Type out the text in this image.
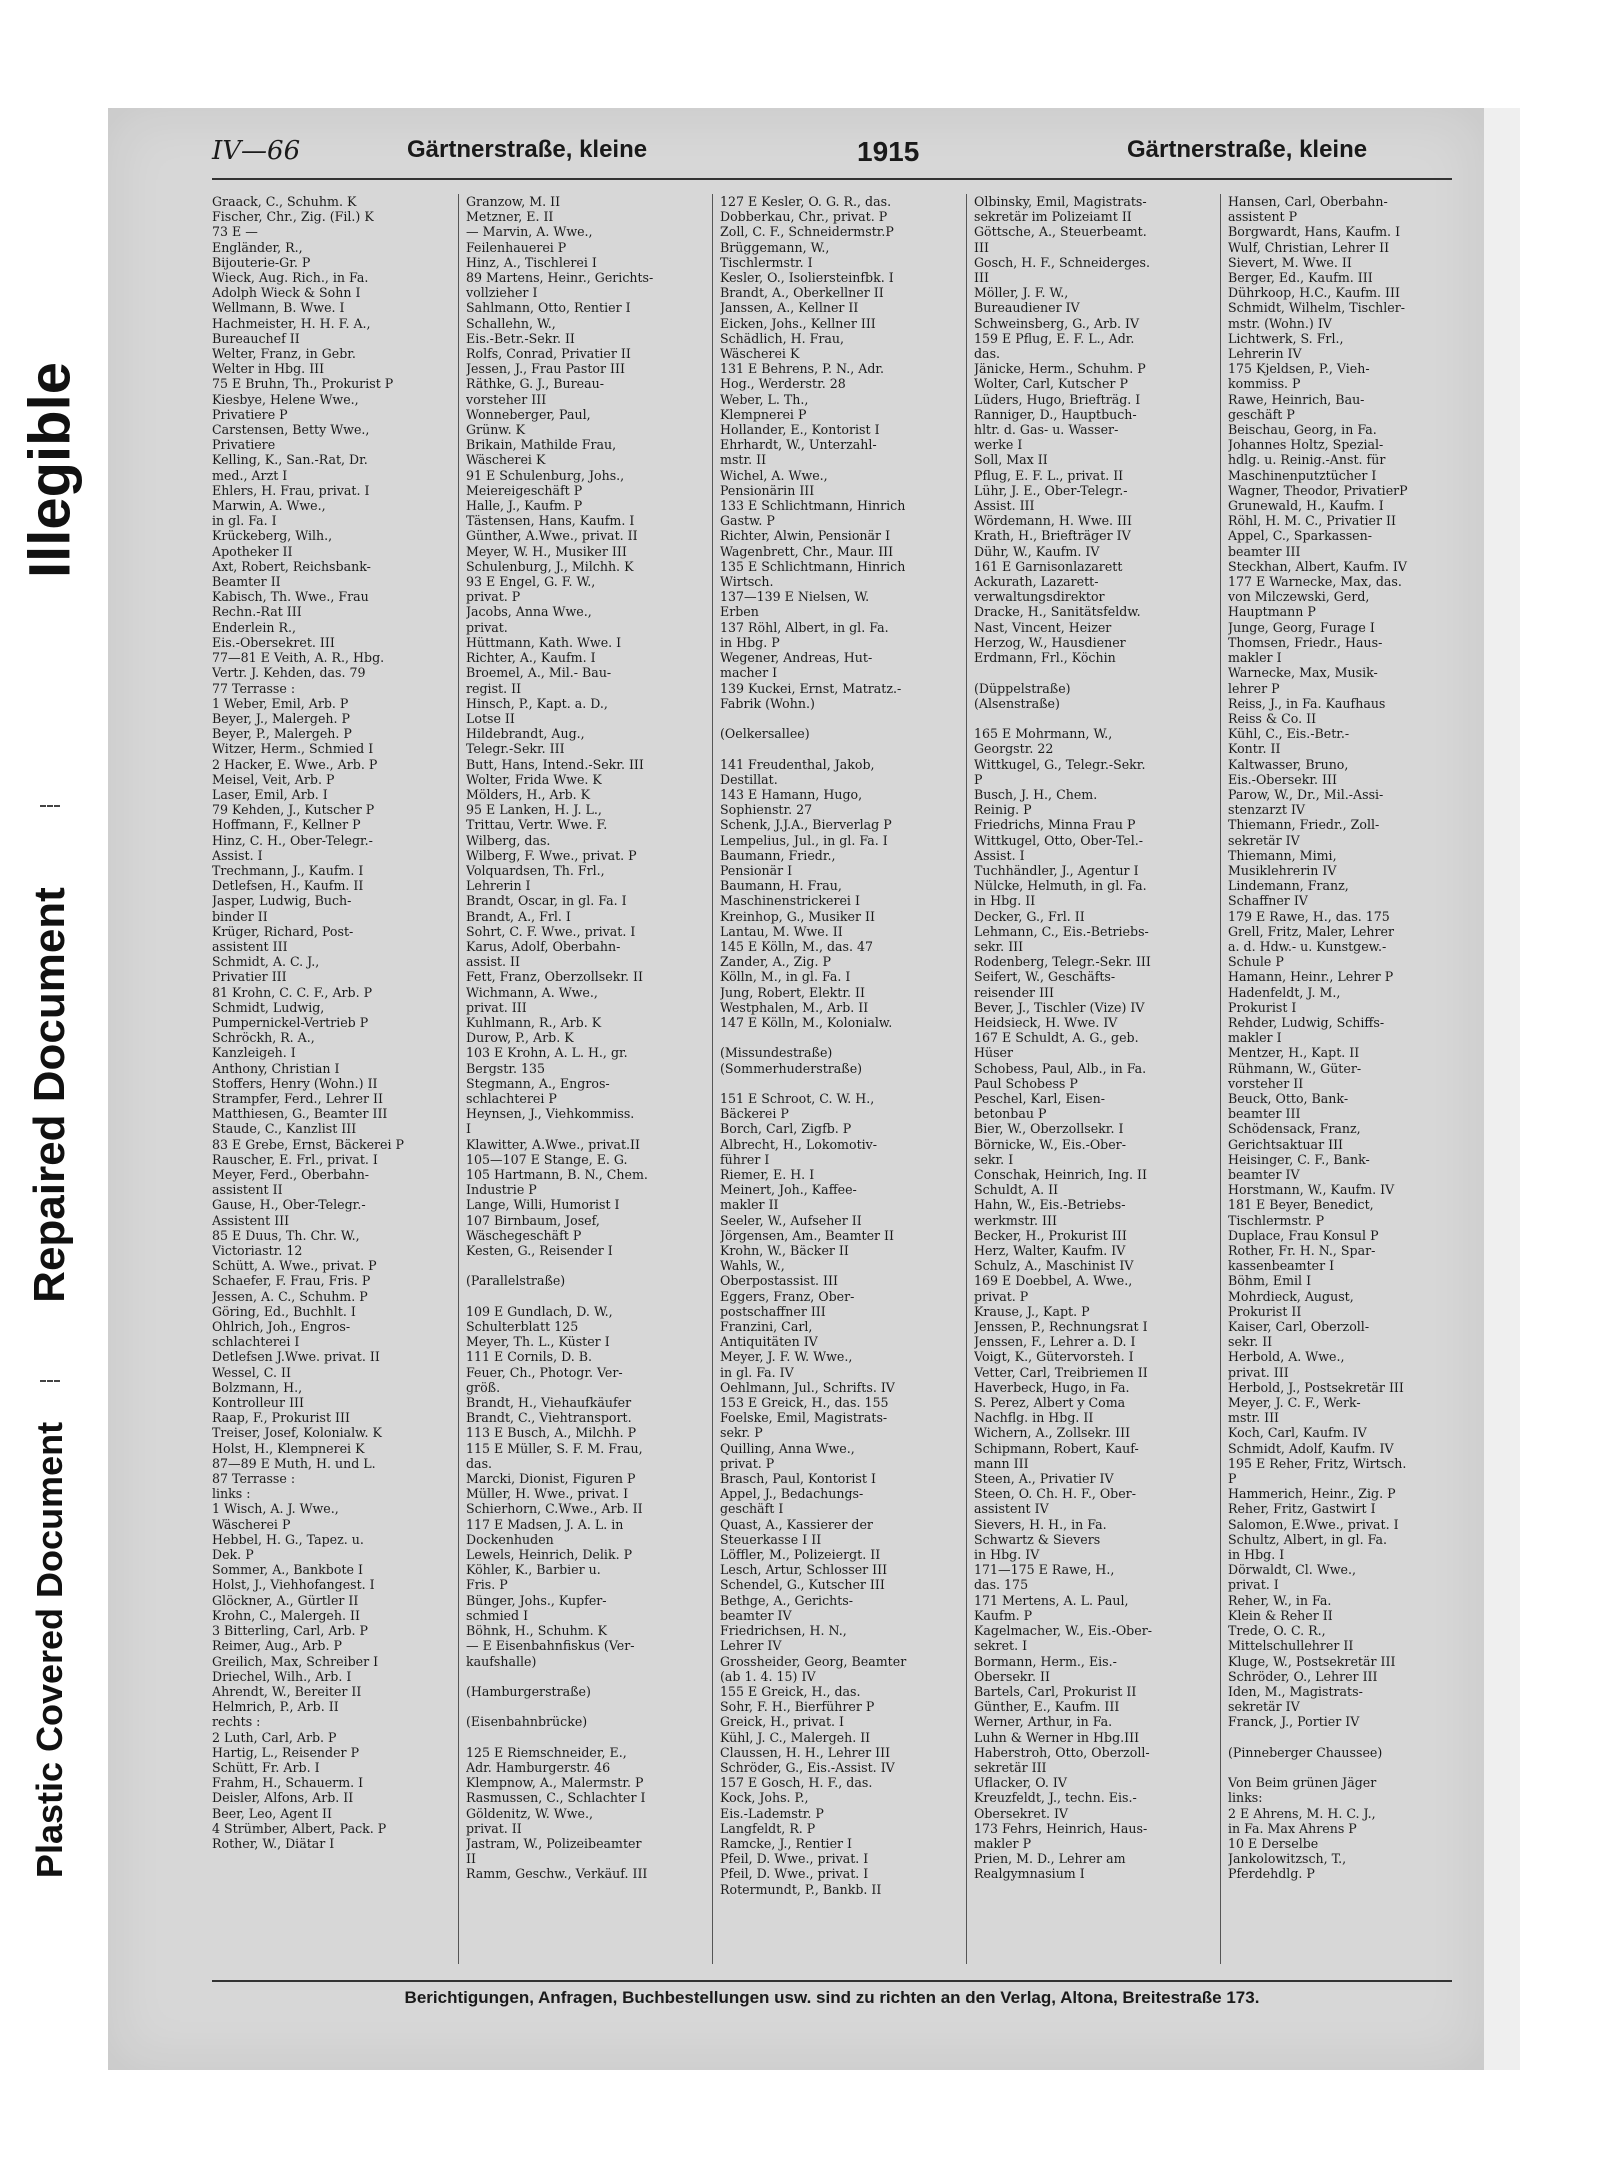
Illegible
Repaired Document
Plastic Covered Document
IV—66	Gärtnerstraße, kleine	1915	Gärtnerstraße, kleine
Graack, C., Schuhm. K
Fischer, Chr., Zig. (Fil.) K
73 E —
Engländer, R.,
Bijouterie-Gr. P
Wieck, Aug. Rich., in Fa.
Adolph Wieck & Sohn I
Wellmann, B. Wwe. I
Hachmeister, H. H. F. A.,
Bureauchef II
Welter, Franz, in Gebr.
Welter in Hbg. III
75 E Bruhn, Th., Prokurist P
Kiesbye, Helene Wwe.,
Privatiere P
Carstensen, Betty Wwe.,
Privatiere
Kelling, K., San.-Rat, Dr.
med., Arzt I
Ehlers, H. Frau, privat. I
Marwin, A. Wwe.,
in gl. Fa. I
Krückeberg, Wilh.,
Apotheker II
Axt, Robert, Reichsbank-
Beamter II
Kabisch, Th. Wwe., Frau
Rechn.-Rat III
Enderlein R.,
Eis.-Obersekret. III
77—81 E Veith, A. R., Hbg.
Vertr. J. Kehden, das. 79
77 Terrasse :
1 Weber, Emil, Arb. P
Beyer, J., Malergeh. P
Beyer, P., Malergeh. P
Witzer, Herm., Schmied I
2 Hacker, E. Wwe., Arb. P
Meisel, Veit, Arb. P
Laser, Emil, Arb. I
79 Kehden, J., Kutscher P
Hoffmann, F., Kellner P
Hinz, C. H., Ober-Telegr.-
Assist. I
Trechmann, J., Kaufm. I
Detlefsen, H., Kaufm. II
Jasper, Ludwig, Buch-
binder II
Krüger, Richard, Post-
assistent III
Schmidt, A. C. J.,
Privatier III
81 Krohn, C. C. F., Arb. P
Schmidt, Ludwig,
Pumpernickel-Vertrieb P
Schröckh, R. A.,
Kanzleigeh. I
Anthony, Christian I
Stoffers, Henry (Wohn.) II
Strampfer, Ferd., Lehrer II
Matthiesen, G., Beamter III
Staude, C., Kanzlist III
83 E Grebe, Ernst, Bäckerei P
Rauscher, E. Frl., privat. I
Meyer, Ferd., Oberbahn-
assistent II
Gause, H., Ober-Telegr.-
Assistent III
85 E Duus, Th. Chr. W.,
Victoriastr. 12
Schütt, A. Wwe., privat. P
Schaefer, F. Frau, Fris. P
Jessen, A. C., Schuhm. P
Göring, Ed., Buchhlt. I
Ohlrich, Joh., Engros-
schlachterei I
Detlefsen J.Wwe. privat. II
Wessel, C. II
Bolzmann, H.,
Kontrolleur III
Raap, F., Prokurist III
Treiser, Josef, Kolonialw. K
Holst, H., Klempnerei K
87—89 E Muth, H. und L.
87 Terrasse :
links :
1 Wisch, A. J. Wwe.,
Wäscherei P
Hebbel, H. G., Tapez. u.
Dek. P
Sommer, A., Bankbote I
Holst, J., Viehhofangest. I
Glöckner, A., Gürtler II
Krohn, C., Malergeh. II
3 Bitterling, Carl, Arb. P
Reimer, Aug., Arb. P
Greilich, Max, Schreiber I
Driechel, Wilh., Arb. I
Ahrendt, W., Bereiter II
Helmrich, P., Arb. II
rechts :
2 Luth, Carl, Arb. P
Hartig, L., Reisender P
Schütt, Fr. Arb. I
Frahm, H., Schauerm. I
Deisler, Alfons, Arb. II
Beer, Leo, Agent II
4 Strümber, Albert, Pack. P
Rother, W., Diätar I
Granzow, M. II
Metzner, E. II
— Marvin, A. Wwe.,
Feilenhauerei P
Hinz, A., Tischlerei I
89 Martens, Heinr., Gerichts-
vollzieher I
Sahlmann, Otto, Rentier I
Schallehn, W.,
Eis.-Betr.-Sekr. II
Rolfs, Conrad, Privatier II
Jessen, J., Frau Pastor III
Räthke, G. J., Bureau-
vorsteher III
Wonneberger, Paul,
Grünw. K
Brikain, Mathilde Frau,
Wäscherei K
91 E Schulenburg, Johs.,
Meiereigeschäft P
Halle, J., Kaufm. P
Tästensen, Hans, Kaufm. I
Günther, A.Wwe., privat. II
Meyer, W. H., Musiker III
Schulenburg, J., Milchh. K
93 E Engel, G. F. W.,
privat. P
Jacobs, Anna Wwe.,
privat.
Hüttmann, Kath. Wwe. I
Richter, A., Kaufm. I
Broemel, A., Mil.- Bau-
regist. II
Hinsch, P., Kapt. a. D.,
Lotse II
Hildebrandt, Aug.,
Telegr.-Sekr. III
Butt, Hans, Intend.-Sekr. III
Wolter, Frida Wwe. K
Mölders, H., Arb. K
95 E Lanken, H. J. L.,
Trittau, Vertr. Wwe. F.
Wilberg, das.
Wilberg, F. Wwe., privat. P
Volquardsen, Th. Frl.,
Lehrerin I
Brandt, Oscar, in gl. Fa. I
Brandt, A., Frl. I
Sohrt, C. F. Wwe., privat. I
Karus, Adolf, Oberbahn-
assist. II
Fett, Franz, Oberzollsekr. II
Wichmann, A. Wwe.,
privat. III
Kuhlmann, R., Arb. K
Durow, P., Arb. K
103 E Krohn, A. L. H., gr.
Bergstr. 135
Stegmann, A., Engros-
schlachterei P
Heynsen, J., Viehkommiss.
I
Klawitter, A.Wwe., privat.II
105—107 E Stange, E. G.
105 Hartmann, B. N., Chem.
Industrie P
Lange, Willi, Humorist I
107 Birnbaum, Josef,
Wäschegeschäft P
Kesten, G., Reisender I

(Parallelstraße)

109 E Gundlach, D. W.,
Schulterblatt 125
Meyer, Th. L., Küster I
111 E Cornils, D. B.
Feuer, Ch., Photogr. Ver-
größ.
Brandt, H., Viehaufkäufer
Brandt, C., Viehtransport.
113 E Busch, A., Milchh. P
115 E Müller, S. F. M. Frau,
das.
Marcki, Dionist, Figuren P
Müller, H. Wwe., privat. I
Schierhorn, C.Wwe., Arb. II
117 E Madsen, J. A. L. in
Dockenhuden
Lewels, Heinrich, Delik. P
Köhler, K., Barbier u.
Fris. P
Bünger, Johs., Kupfer-
schmied I
Böhnk, H., Schuhm. K
— E Eisenbahnfiskus (Ver-
kaufshalle)

(Hamburgerstraße)

(Eisenbahnbrücke)

125 E Riemschneider, E.,
Adr. Hamburgerstr. 46
Klempnow, A., Malermstr. P
Rasmussen, C., Schlachter I
Göldenitz, W. Wwe.,
privat. II
Jastram, W., Polizeibeamter
II
Ramm, Geschw., Verkäuf. III
127 E Kesler, O. G. R., das.
Dobberkau, Chr., privat. P
Zoll, C. F., Schneidermstr.P
Brüggemann, W.,
Tischlermstr. I
Kesler, O., Isoliersteinfbk. I
Brandt, A., Oberkellner II
Janssen, A., Kellner II
Eicken, Johs., Kellner III
Schädlich, H. Frau,
Wäscherei K
131 E Behrens, P. N., Adr.
Hog., Werderstr. 28
Weber, L. Th.,
Klempnerei P
Hollander, E., Kontorist I
Ehrhardt, W., Unterzahl-
mstr. II
Wichel, A. Wwe.,
Pensionärin III
133 E Schlichtmann, Hinrich
Gastw. P
Richter, Alwin, Pensionär I
Wagenbrett, Chr., Maur. III
135 E Schlichtmann, Hinrich
Wirtsch.
137—139 E Nielsen, W.
Erben
137 Röhl, Albert, in gl. Fa.
in Hbg. P
Wegener, Andreas, Hut-
macher I
139 Kuckei, Ernst, Matratz.-
Fabrik (Wohn.)

(Oelkersallee)

141 Freudenthal, Jakob,
Destillat.
143 E Hamann, Hugo,
Sophienstr. 27
Schenk, J.J.A., Bierverlag P
Lempelius, Jul., in gl. Fa. I
Baumann, Friedr.,
Pensionär I
Baumann, H. Frau,
Maschinenstrickerei I
Kreinhop, G., Musiker II
Lantau, M. Wwe. II
145 E Kölln, M., das. 47
Zander, A., Zig. P
Kölln, M., in gl. Fa. I
Jung, Robert, Elektr. II
Westphalen, M., Arb. II
147 E Kölln, M., Kolonialw.

(Missundestraße)
(Sommerhuderstraße)

151 E Schroot, C. W. H.,
Bäckerei P
Borch, Carl, Zigfb. P
Albrecht, H., Lokomotiv-
führer I
Riemer, E. H. I
Meinert, Joh., Kaffee-
makler II
Seeler, W., Aufseher II
Jörgensen, Am., Beamter II
Krohn, W., Bäcker II
Wahls, W.,
Oberpostassist. III
Eggers, Franz, Ober-
postschaffner III
Franzini, Carl,
Antiquitäten IV
Meyer, J. F. W. Wwe.,
in gl. Fa. IV
Oehlmann, Jul., Schrifts. IV
153 E Greick, H., das. 155
Foelske, Emil, Magistrats-
sekr. P
Quilling, Anna Wwe.,
privat. P
Brasch, Paul, Kontorist I
Appel, J., Bedachungs-
geschäft I
Quast, A., Kassierer der
Steuerkasse I II
Löffler, M., Polizeiergt. II
Lesch, Artur, Schlosser III
Schendel, G., Kutscher III
Bethge, A., Gerichts-
beamter IV
Friedrichsen, H. N.,
Lehrer IV
Grossheider, Georg, Beamter
(ab 1. 4. 15) IV
155 E Greick, H., das.
Sohr, F. H., Bierführer P
Greick, H., privat. I
Kühl, J. C., Malergeh. II
Claussen, H. H., Lehrer III
Schröder, G., Eis.-Assist. IV
157 E Gosch, H. F., das.
Kock, Johs. P.,
Eis.-Lademstr. P
Langfeldt, R. P
Ramcke, J., Rentier I
Pfeil, D. Wwe., privat. I
Pfeil, D. Wwe., privat. I
Rotermundt, P., Bankb. II
Olbinsky, Emil, Magistrats-
sekretär im Polizeiamt II
Göttsche, A., Steuerbeamt.
III
Gosch, H. F., Schneiderges.
III
Möller, J. F. W.,
Bureaudiener IV
Schweinsberg, G., Arb. IV
159 E Pflug, E. F. L., Adr.
das.
Jänicke, Herm., Schuhm. P
Wolter, Carl, Kutscher P
Lüders, Hugo, Briefträg. I
Ranniger, D., Hauptbuch-
hltr. d. Gas- u. Wasser-
werke I
Soll, Max II
Pflug, E. F. L., privat. II
Lühr, J. E., Ober-Telegr.-
Assist. III
Wördemann, H. Wwe. III
Krath, H., Briefträger IV
Dühr, W., Kaufm. IV
161 E Garnisonlazarett
Ackurath, Lazarett-
verwaltungsdirektor
Dracke, H., Sanitätsfeldw.
Nast, Vincent, Heizer
Herzog, W., Hausdiener
Erdmann, Frl., Köchin

(Düppelstraße)
(Alsenstraße)

165 E Mohrmann, W.,
Georgstr. 22
Wittkugel, G., Telegr.-Sekr.
P
Busch, J. H., Chem.
Reinig. P
Friedrichs, Minna Frau P
Wittkugel, Otto, Ober-Tel.-
Assist. I
Tuchhändler, J., Agentur I
Nülcke, Helmuth, in gl. Fa.
in Hbg. II
Decker, G., Frl. II
Lehmann, C., Eis.-Betriebs-
sekr. III
Rodenberg, Telegr.-Sekr. III
Seifert, W., Geschäfts-
reisender III
Bever, J., Tischler (Vize) IV
Heidsieck, H. Wwe. IV
167 E Schuldt, A. G., geb.
Hüser
Schobess, Paul, Alb., in Fa.
Paul Schobess P
Peschel, Karl, Eisen-
betonbau P
Bier, W., Oberzollsekr. I
Börnicke, W., Eis.-Ober-
sekr. I
Conschak, Heinrich, Ing. II
Schuldt, A. II
Hahn, W., Eis.-Betriebs-
werkmstr. III
Becker, H., Prokurist III
Herz, Walter, Kaufm. IV
Schulz, A., Maschinist IV
169 E Doebbel, A. Wwe.,
privat. P
Krause, J., Kapt. P
Jenssen, P., Rechnungsrat I
Jenssen, F., Lehrer a. D. I
Voigt, K., Gütervorsteh. I
Vetter, Carl, Treibriemen II
Haverbeck, Hugo, in Fa.
S. Perez, Albert y Coma
Nachflg. in Hbg. II
Wichern, A., Zollsekr. III
Schipmann, Robert, Kauf-
mann III
Steen, A., Privatier IV
Steen, O. Ch. H. F., Ober-
assistent IV
Sievers, H. H., in Fa.
Schwartz & Sievers
in Hbg. IV
171—175 E Rawe, H.,
das. 175
171 Mertens, A. L. Paul,
Kaufm. P
Kagelmacher, W., Eis.-Ober-
sekret. I
Bormann, Herm., Eis.-
Obersekr. II
Bartels, Carl, Prokurist II
Günther, E., Kaufm. III
Werner, Arthur, in Fa.
Luhn & Werner in Hbg.III
Haberstroh, Otto, Oberzoll-
sekretär III
Uflacker, O. IV
Kreuzfeldt, J., techn. Eis.-
Obersekret. IV
173 Fehrs, Heinrich, Haus-
makler P
Prien, M. D., Lehrer am
Realgymnasium I
Hansen, Carl, Oberbahn-
assistent P
Borgwardt, Hans, Kaufm. I
Wulf, Christian, Lehrer II
Sievert, M. Wwe. II
Berger, Ed., Kaufm. III
Dührkoop, H.C., Kaufm. III
Schmidt, Wilhelm, Tischler-
mstr. (Wohn.) IV
Lichtwerk, S. Frl.,
Lehrerin IV
175 Kjeldsen, P., Vieh-
kommiss. P
Rawe, Heinrich, Bau-
geschäft P
Beischau, Georg, in Fa.
Johannes Holtz, Spezial-
hdlg. u. Reinig.-Anst. für
Maschinenputztücher I
Wagner, Theodor, PrivatierP
Grunewald, H., Kaufm. I
Röhl, H. M. C., Privatier II
Appel, C., Sparkassen-
beamter III
Steckhan, Albert, Kaufm. IV
177 E Warnecke, Max, das.
von Milczewski, Gerd,
Hauptmann P
Junge, Georg, Furage I
Thomsen, Friedr., Haus-
makler I
Warnecke, Max, Musik-
lehrer P
Reiss, J., in Fa. Kaufhaus
Reiss & Co. II
Kühl, C., Eis.-Betr.-
Kontr. II
Kaltwasser, Bruno,
Eis.-Obersekr. III
Parow, W., Dr., Mil.-Assi-
stenzarzt IV
Thiemann, Friedr., Zoll-
sekretär IV
Thiemann, Mimi,
Musiklehrerin IV
Lindemann, Franz,
Schaffner IV
179 E Rawe, H., das. 175
Grell, Fritz, Maler, Lehrer
a. d. Hdw.- u. Kunstgew.-
Schule P
Hamann, Heinr., Lehrer P
Hadenfeldt, J. M.,
Prokurist I
Rehder, Ludwig, Schiffs-
makler I
Mentzer, H., Kapt. II
Rühmann, W., Güter-
vorsteher II
Beuck, Otto, Bank-
beamter III
Schödensack, Franz,
Gerichtsaktuar III
Heisinger, C. F., Bank-
beamter IV
Horstmann, W., Kaufm. IV
181 E Beyer, Benedict,
Tischlermstr. P
Duplace, Frau Konsul P
Rother, Fr. H. N., Spar-
kassenbeamter I
Böhm, Emil I
Mohrdieck, August,
Prokurist II
Kaiser, Carl, Oberzoll-
sekr. II
Herbold, A. Wwe.,
privat. III
Herbold, J., Postsekretär III
Meyer, J. C. F., Werk-
mstr. III
Koch, Carl, Kaufm. IV
Schmidt, Adolf, Kaufm. IV
195 E Reher, Fritz, Wirtsch.
P
Hammerich, Heinr., Zig. P
Reher, Fritz, Gastwirt I
Salomon, E.Wwe., privat. I
Schultz, Albert, in gl. Fa.
in Hbg. I
Dörwaldt, Cl. Wwe.,
privat. I
Reher, W., in Fa.
Klein & Reher II
Trede, O. C. R.,
Mittelschullehrer II
Kluge, W., Postsekretär III
Schröder, O., Lehrer III
Iden, M., Magistrats-
sekretär IV
Franck, J., Portier IV

(Pinneberger Chaussee)

Von Beim grünen Jäger
links:
2 E Ahrens, M. H. C. J.,
in Fa. Max Ahrens P
10 E Derselbe
Jankolowitzsch, T.,
Pferdehdlg. P
Berichtigungen, Anfragen, Buchbestellungen usw. sind zu richten an den Verlag, Altona, Breitestraße 173.
